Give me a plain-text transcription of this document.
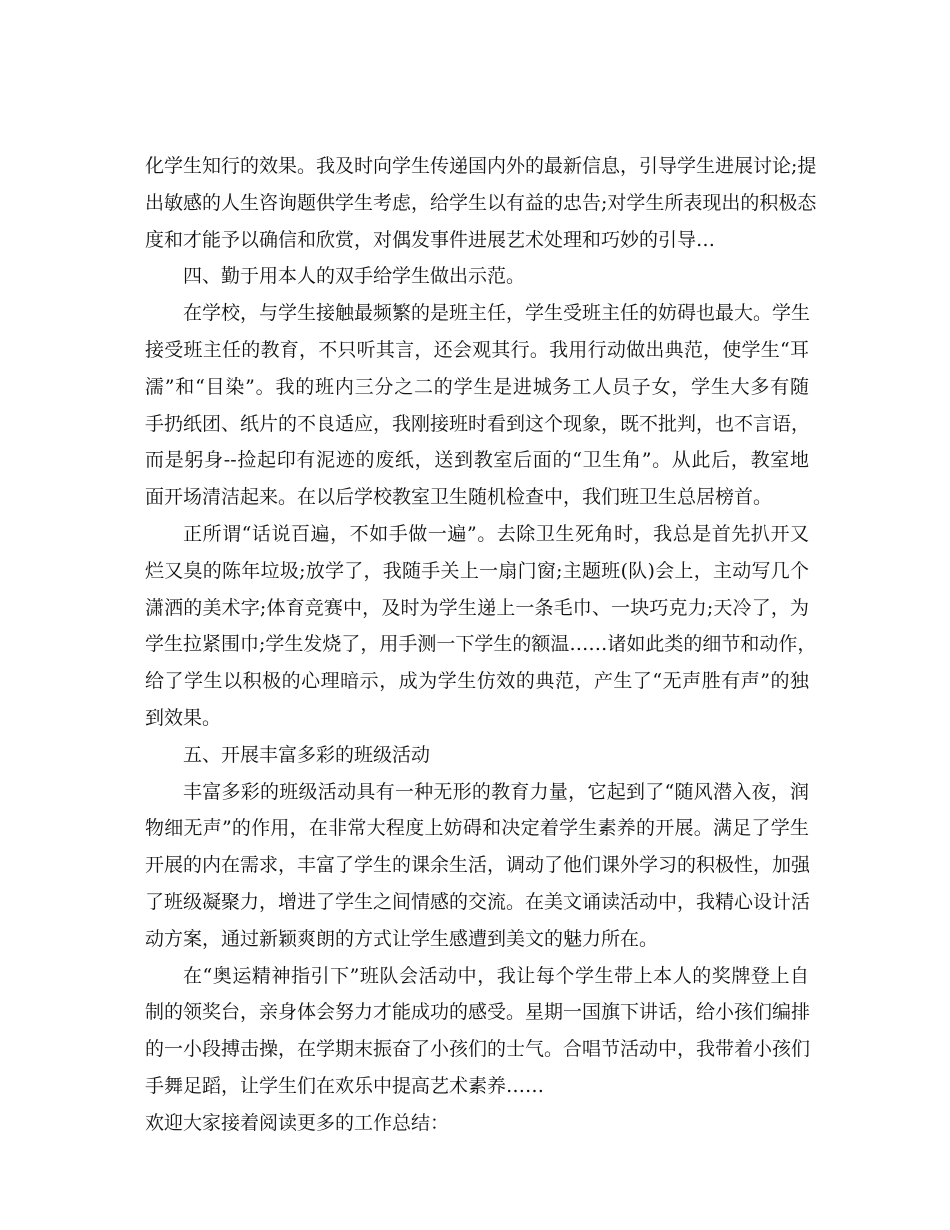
化学生知行的效果。我及时向学生传递国内外的最新信息，引导学生进展讨论;提

出敏感的人生咨询题供学生考虑，给学生以有益的忠告;对学生所表现出的积极态

度和才能予以确信和欣赏，对偶发事件进展艺术处理和巧妙的引导…

四、勤于用本人的双手给学生做出示范。

在学校，与学生接触最频繁的是班主任，学生受班主任的妨碍也最大。学生

接受班主任的教育，不只听其言，还会观其行。我用行动做出典范，使学生“耳

濡”和“目染”。我的班内三分之二的学生是进城务工人员子女，学生大多有随

手扔纸团、纸片的不良适应，我刚接班时看到这个现象，既不批判，也不言语，

而是躬身--捡起印有泥迹的废纸，送到教室后面的“卫生角”。从此后，教室地

面开场清洁起来。在以后学校教室卫生随机检查中，我们班卫生总居榜首。

正所谓“话说百遍，不如手做一遍”。去除卫生死角时，我总是首先扒开又

烂又臭的陈年垃圾;放学了，我随手关上一扇门窗;主题班(队)会上，主动写几个

潇洒的美术字;体育竞赛中，及时为学生递上一条毛巾、一块巧克力;天冷了，为

学生拉紧围巾;学生发烧了，用手测一下学生的额温……诸如此类的细节和动作，

给了学生以积极的心理暗示，成为学生仿效的典范，产生了“无声胜有声”的独

到效果。

五、开展丰富多彩的班级活动

丰富多彩的班级活动具有一种无形的教育力量，它起到了“随风潜入夜，润

物细无声”的作用，在非常大程度上妨碍和决定着学生素养的开展。满足了学生

开展的内在需求，丰富了学生的课余生活，调动了他们课外学习的积极性，加强

了班级凝聚力，增进了学生之间情感的交流。在美文诵读活动中，我精心设计活

动方案，通过新颖爽朗的方式让学生感遭到美文的魅力所在。

在“奥运精神指引下”班队会活动中，我让每个学生带上本人的奖牌登上自

制的领奖台，亲身体会努力才能成功的感受。星期一国旗下讲话，给小孩们编排

的一小段搏击操，在学期末振奋了小孩们的士气。合唱节活动中，我带着小孩们

手舞足蹈，让学生们在欢乐中提高艺术素养……

欢迎大家接着阅读更多的工作总结：
